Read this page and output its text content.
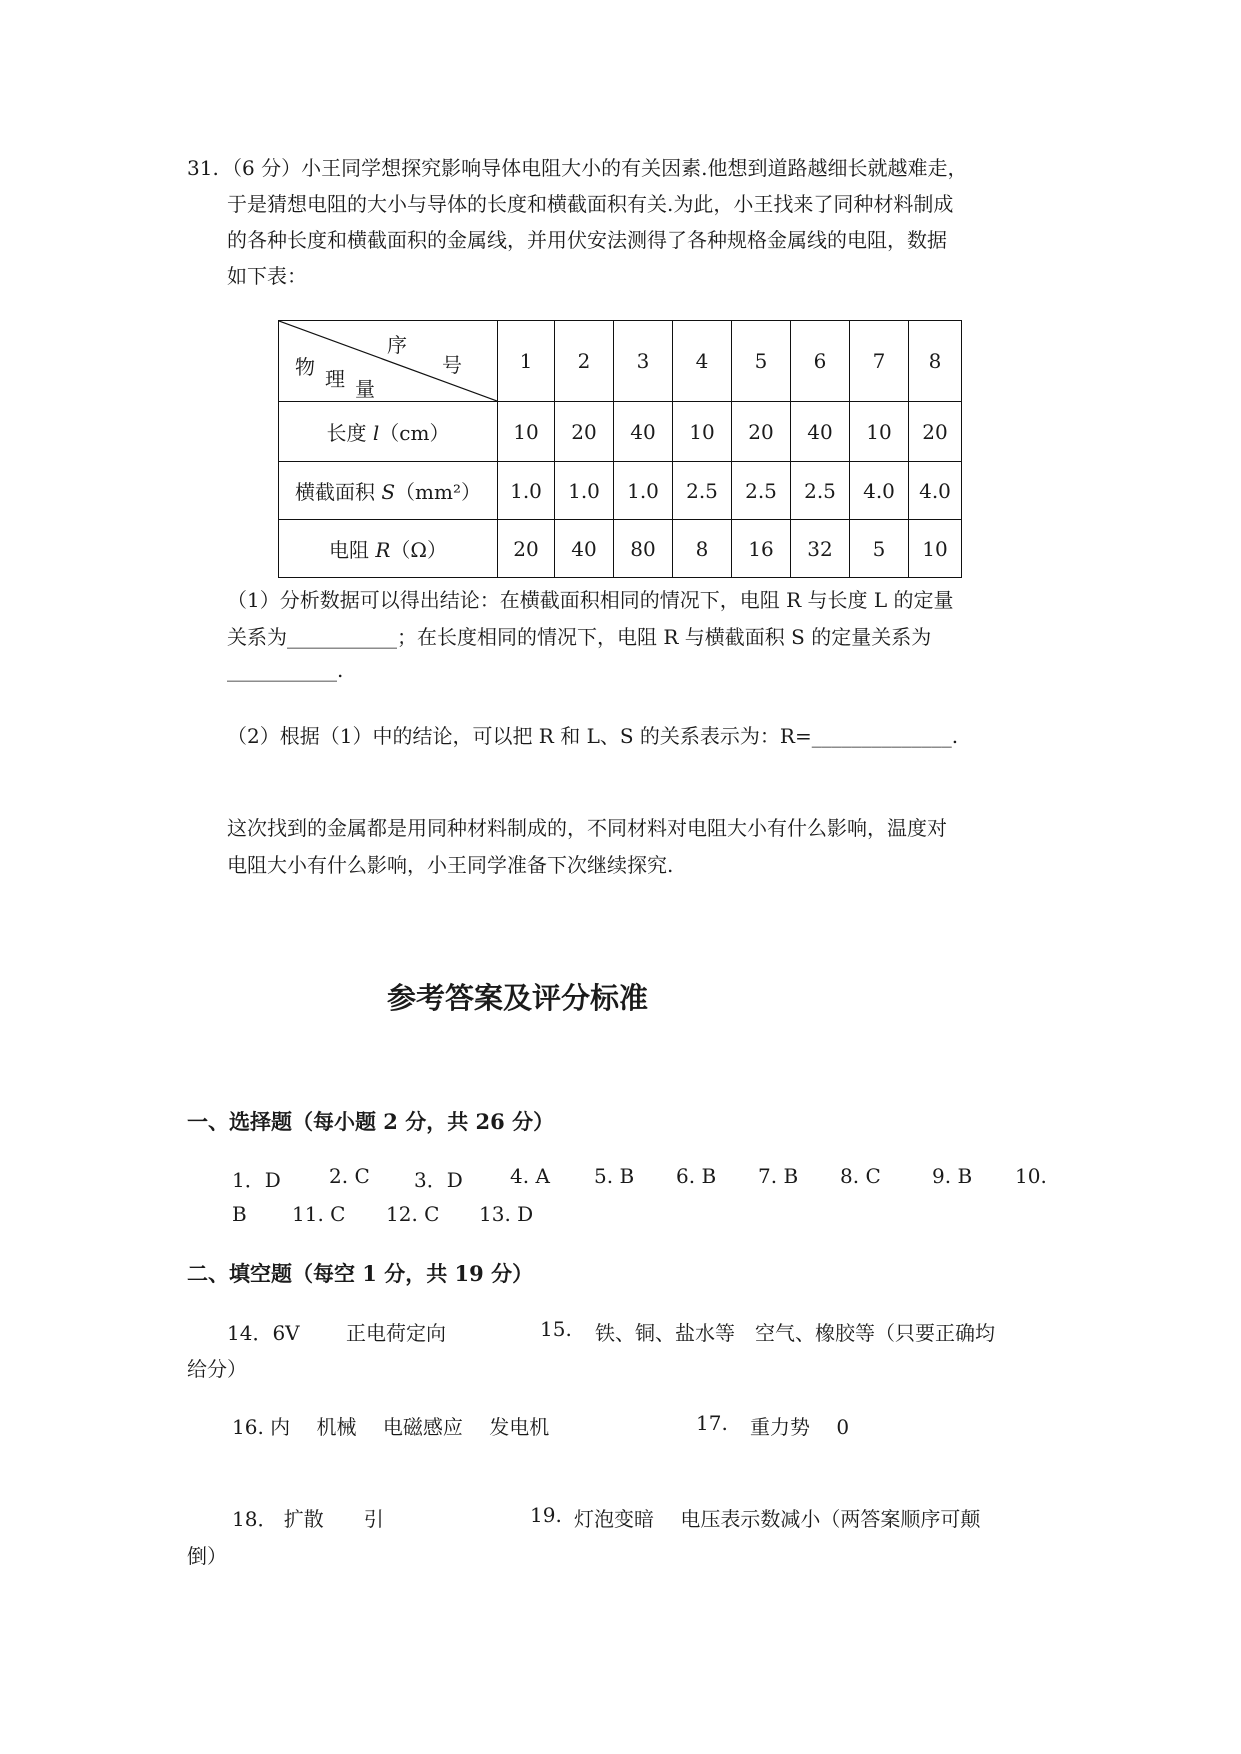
31. （6 分）小王同学想探究影响导体电阻大小的有关因素.他想到道路越细长就越难走，
于是猜想电阻的大小与导体的长度和横截面积有关.为此，小王找来了同种材料制成
的各种长度和横截面积的金属线，并用伏安法测得了各种规格金属线的电阻，数据
如下表：
序
号
物 理 量	1	2	3	4	5	6	7	8
长度 l（cm）	10	20	40	10	20	40	10	20
横截面积 S（mm²）	1.0	1.0	1.0	2.5	2.5	2.5	4.0	4.0
电阻 R（Ω）	20	40	80	8	16	32	5	10
（1）分析数据可以得出结论：在横截面积相同的情况下，电阻 R 与长度 L 的定量
关系为___________；在长度相同的情况下，电阻 R 与横截面积 S 的定量关系为
___________.
（2）根据（1）中的结论，可以把 R 和 L、S 的关系表示为：R=______________.
这次找到的金属都是用同种材料制成的，不同材料对电阻大小有什么影响，温度对
电阻大小有什么影响，小王同学准备下次继续探究.
参考答案及评分标准
一、选择题（每小题 2 分，共 26 分）
1．D 2. C 3．D 4. A 5. B 6. B 7. B 8. C	9. B 10.
B 11. C 12. C 13. D
二、填空题（每空 1 分，共 19 分）
14．6V 正电荷定向	15. 铁、铜、盐水等　空气、橡胶等（只要正确均
给分）
16. 内　 机械　 电磁感应　 发电机	17. 重力势　 0
18． 扩散　　引	19. 灯泡变暗　 电压表示数减小（两答案顺序可颠
倒）
